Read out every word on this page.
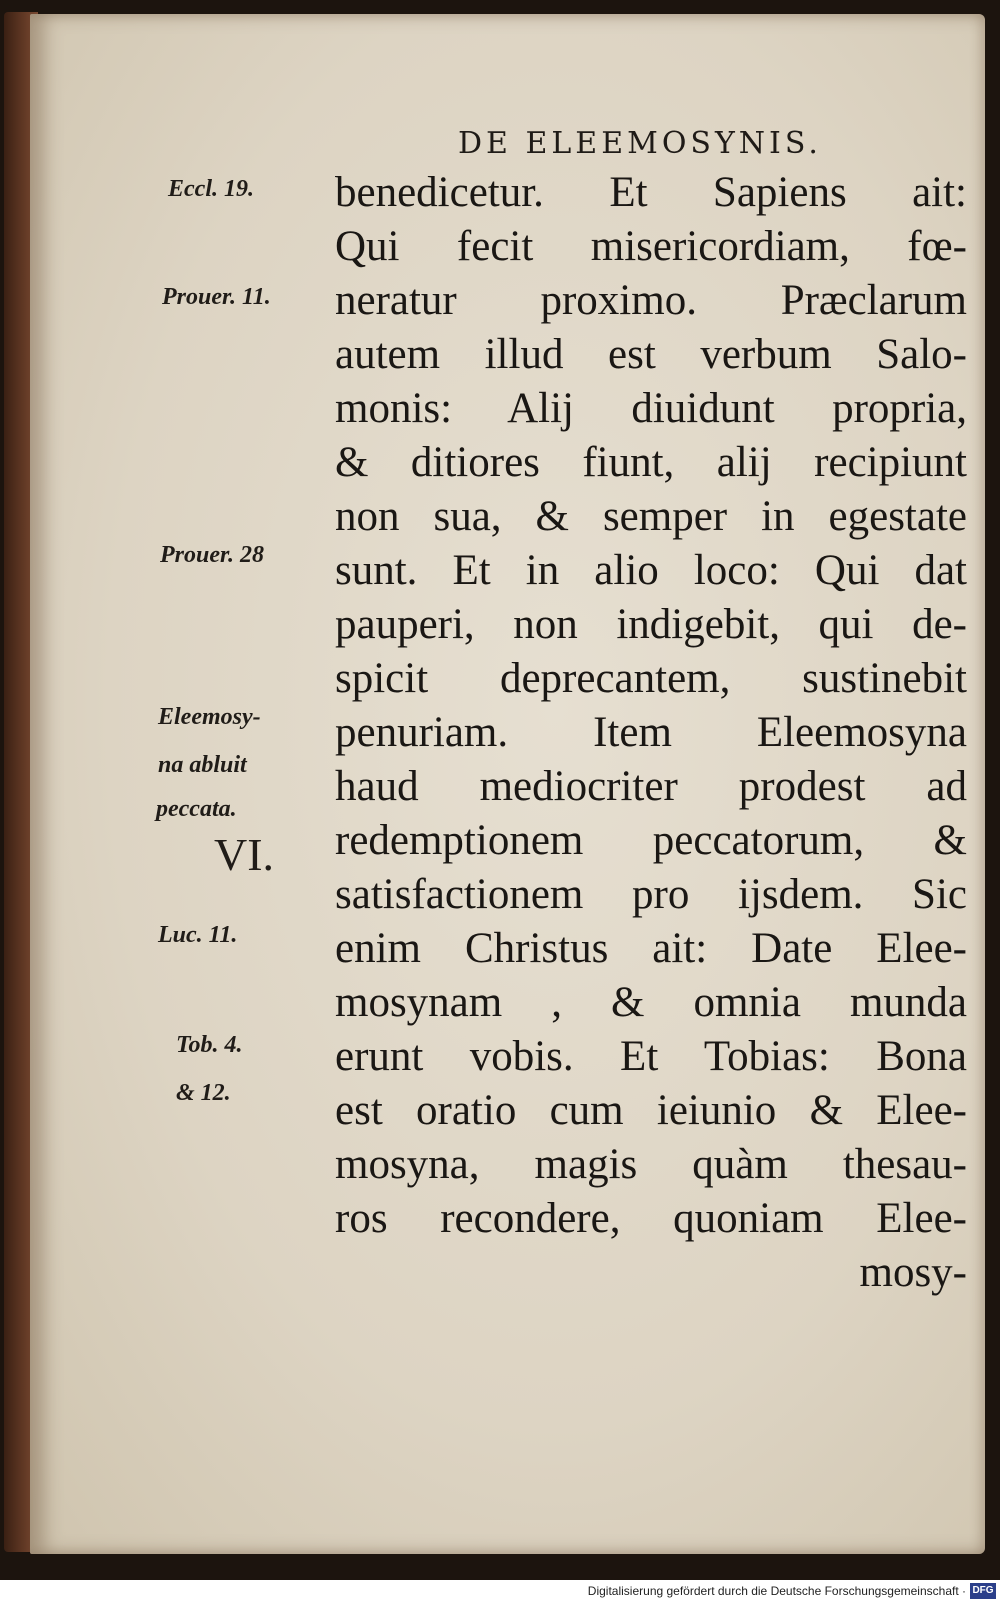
DE ELEEMOSYNIS.
Eccl. 19.
Prouer. 11.
Prouer. 28
Eleemosy-
na abluit
peccata.
VI.
Luc. 11.
Tob. 4.
& 12.
benedicetur. Et Sapiens ait:
Qui fecit misericordiam, fœ-
neratur proximo. Præclarum
autem illud est verbum Salo-
monis: Alij diuidunt propria,
& ditiores fiunt, alij recipiunt
non sua, & semper in egestate
sunt. Et in alio loco: Qui dat
pauperi, non indigebit, qui de-
spicit deprecantem, sustinebit
penuriam. Item Eleemosyna
haud mediocriter prodest ad
redemptionem peccatorum, &
satisfactionem pro ijsdem. Sic
enim Christus ait: Date Elee-
mosynam , & omnia munda
erunt vobis. Et Tobias: Bona
est oratio cum ieiunio & Elee-
mosyna, magis quàm thesau-
ros recondere, quoniam Elee-
mosy-
Digitalisierung gefördert durch die Deutsche Forschungsgemeinschaft · DFG
